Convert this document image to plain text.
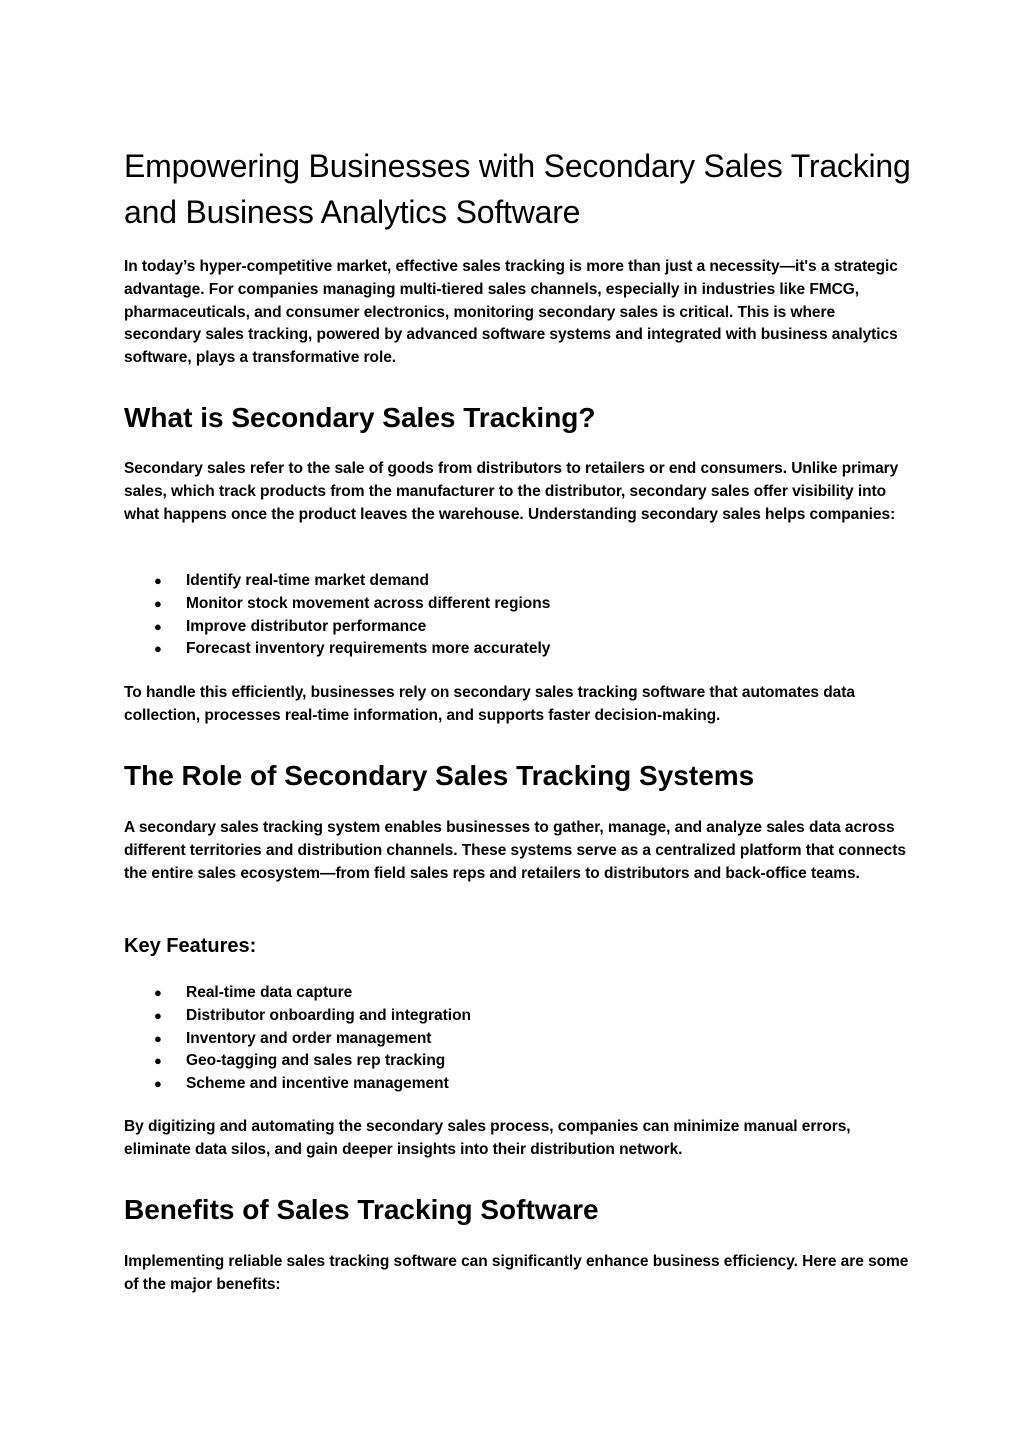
Empowering Businesses with Secondary Sales Tracking and Business Analytics Software

In today’s hyper-competitive market, effective sales tracking is more than just a necessity—it's a strategic advantage. For companies managing multi-tiered sales channels, especially in industries like FMCG, pharmaceuticals, and consumer electronics, monitoring secondary sales is critical. This is where secondary sales tracking, powered by advanced software systems and integrated with business analytics software, plays a transformative role.

What is Secondary Sales Tracking?

Secondary sales refer to the sale of goods from distributors to retailers or end consumers. Unlike primary sales, which track products from the manufacturer to the distributor, secondary sales offer visibility into what happens once the product leaves the warehouse. Understanding secondary sales helps companies:

● Identify real-time market demand
● Monitor stock movement across different regions
● Improve distributor performance
● Forecast inventory requirements more accurately

To handle this efficiently, businesses rely on secondary sales tracking software that automates data collection, processes real-time information, and supports faster decision-making.

The Role of Secondary Sales Tracking Systems

A secondary sales tracking system enables businesses to gather, manage, and analyze sales data across different territories and distribution channels. These systems serve as a centralized platform that connects the entire sales ecosystem—from field sales reps and retailers to distributors and back-office teams.

Key Features:
● Real-time data capture
● Distributor onboarding and integration
● Inventory and order management
● Geo-tagging and sales rep tracking
● Scheme and incentive management

By digitizing and automating the secondary sales process, companies can minimize manual errors, eliminate data silos, and gain deeper insights into their distribution network.

Benefits of Sales Tracking Software

Implementing reliable sales tracking software can significantly enhance business efficiency. Here are some of the major benefits:
